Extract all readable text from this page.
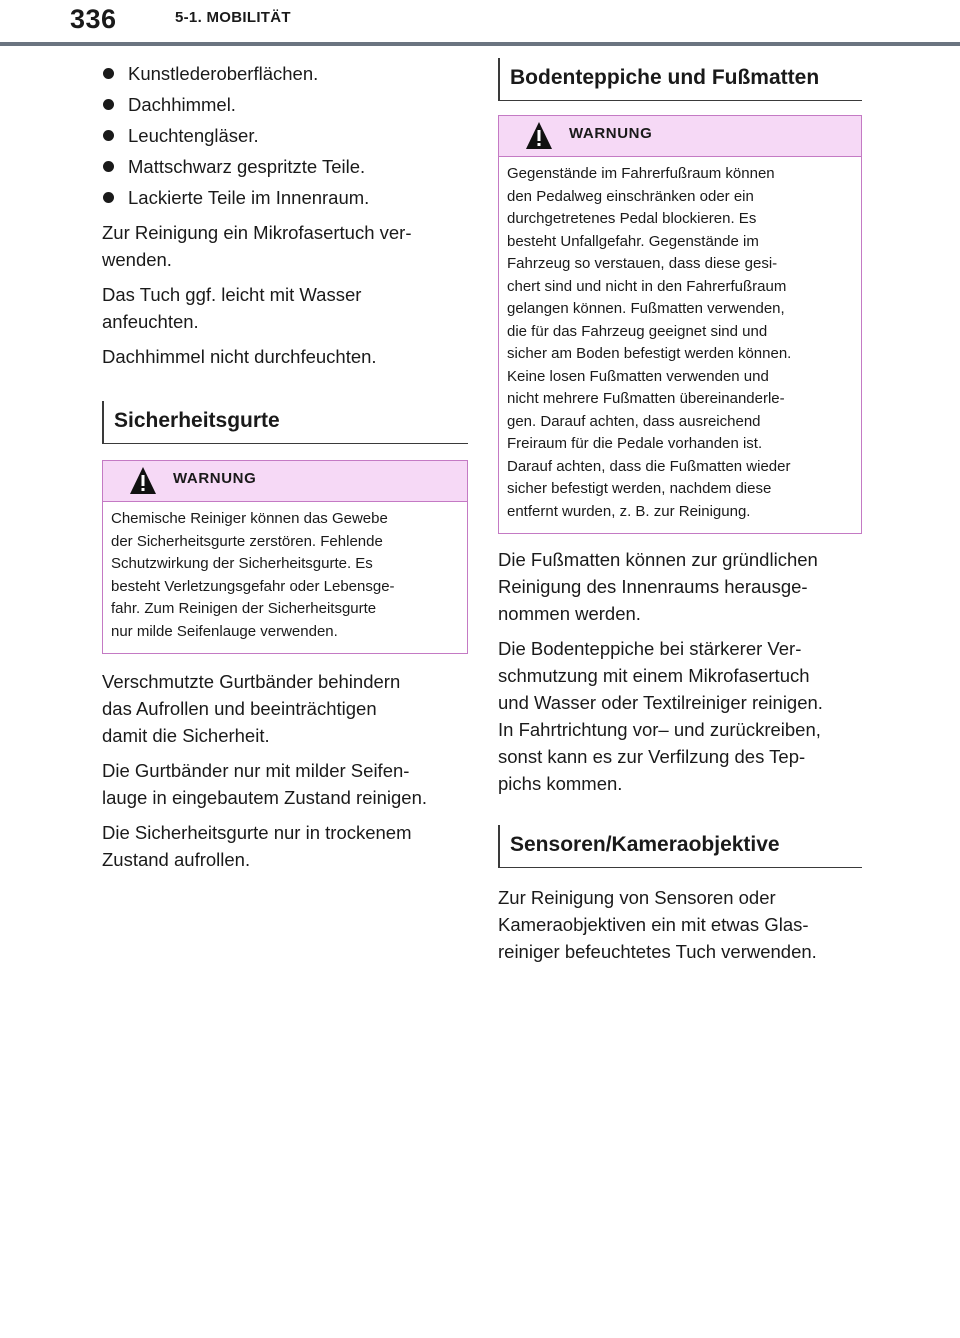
336	5-1. MOBILITÄT
Kunstlederoberflächen.
Dachhimmel.
Leuchtengläser.
Mattschwarz gespritzte Teile.
Lackierte Teile im Innenraum.

Zur Reinigung ein Mikrofasertuch ver-
wenden.

Das Tuch ggf. leicht mit Wasser
anfeuchten.

Dachhimmel nicht durchfeuchten.

Sicherheitsgurte
WARNUNG
Chemische Reiniger können das Gewebe
der Sicherheitsgurte zerstören. Fehlende
Schutzwirkung der Sicherheitsgurte. Es
besteht Verletzungsgefahr oder Lebensge-
fahr. Zum Reinigen der Sicherheitsgurte
nur milde Seifenlauge verwenden.

Verschmutzte Gurtbänder behindern
das Aufrollen und beeinträchtigen
damit die Sicherheit.

Die Gurtbänder nur mit milder Seifen-
lauge in eingebautem Zustand reinigen.

Die Sicherheitsgurte nur in trockenem
Zustand aufrollen.

Bodenteppiche und Fußmatten
WARNUNG
Gegenstände im Fahrerfußraum können
den Pedalweg einschränken oder ein
durchgetretenes Pedal blockieren. Es
besteht Unfallgefahr. Gegenstände im
Fahrzeug so verstauen, dass diese gesi-
chert sind und nicht in den Fahrerfußraum
gelangen können. Fußmatten verwenden,
die für das Fahrzeug geeignet sind und
sicher am Boden befestigt werden können.
Keine losen Fußmatten verwenden und
nicht mehrere Fußmatten übereinanderle-
gen. Darauf achten, dass ausreichend
Freiraum für die Pedale vorhanden ist.
Darauf achten, dass die Fußmatten wieder
sicher befestigt werden, nachdem diese
entfernt wurden, z. B. zur Reinigung.

Die Fußmatten können zur gründlichen
Reinigung des Innenraums herausge-
nommen werden.

Die Bodenteppiche bei stärkerer Ver-
schmutzung mit einem Mikrofasertuch
und Wasser oder Textilreiniger reinigen.
In Fahrtrichtung vor– und zurückreiben,
sonst kann es zur Verfilzung des Tep-
pichs kommen.

Sensoren/Kameraobjektive

Zur Reinigung von Sensoren oder
Kameraobjektiven ein mit etwas Glas-
reiniger befeuchtetes Tuch verwenden.
